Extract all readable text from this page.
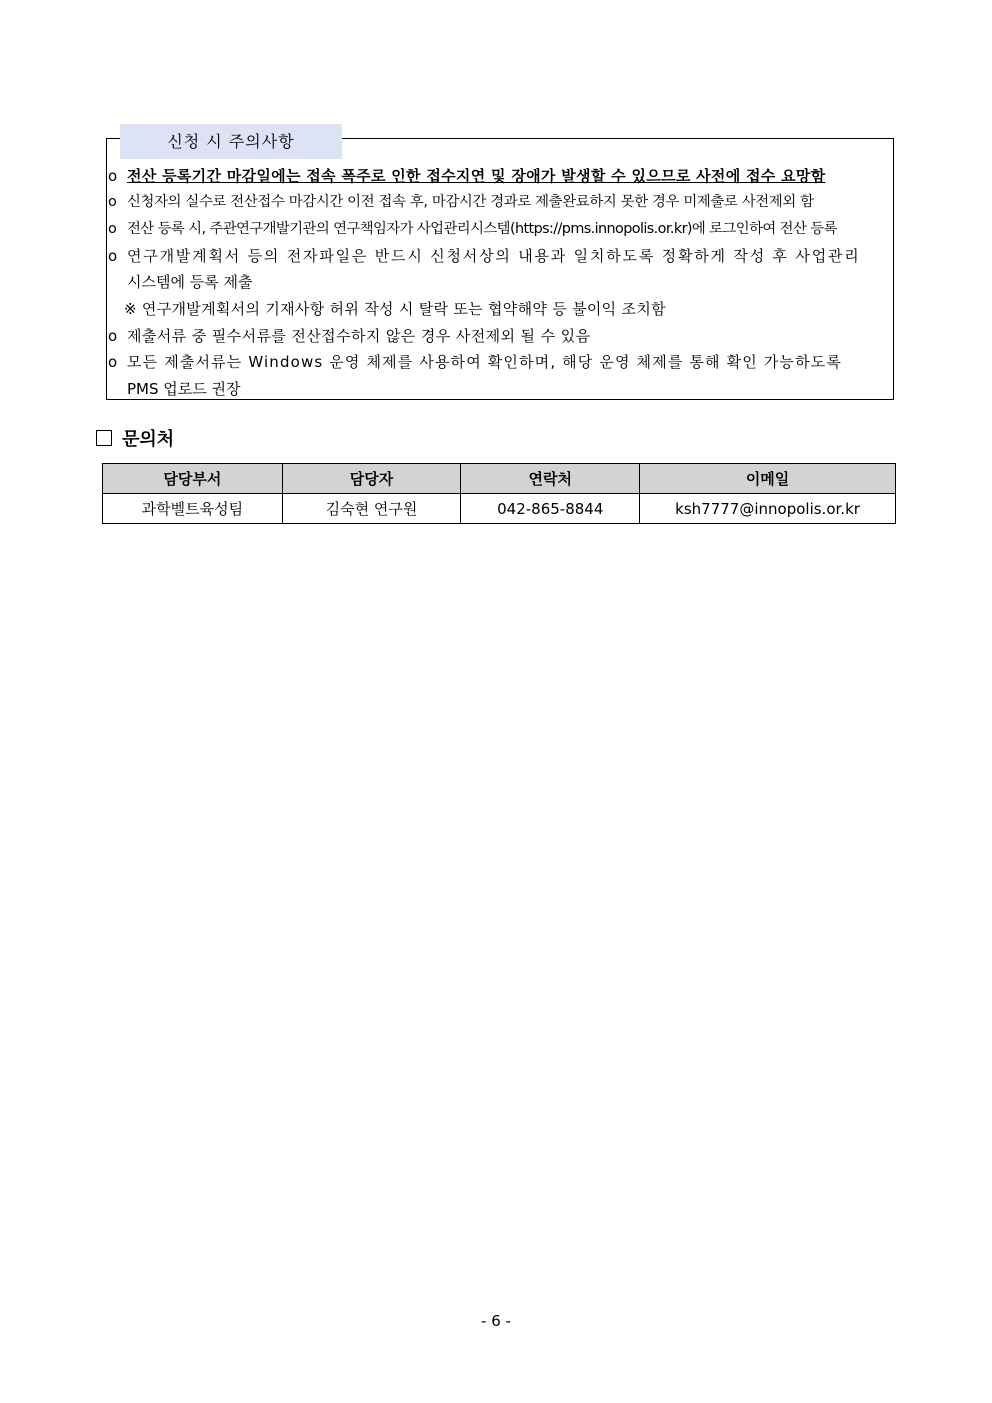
신청 시 주의사항
o 전산 등록기간 마감일에는 접속 폭주로 인한 접수지연 및 장애가 발생할 수 있으므로 사전에 접수 요망함
o 신청자의 실수로 전산접수 마감시간 이전 접속 후, 마감시간 경과로 제출완료하지 못한 경우 미제출로 사전제외 함
o 전산 등록 시, 주관연구개발기관의 연구책임자가 사업관리시스템(https://pms.innopolis.or.kr)에 로그인하여 전산 등록
o 연구개발계획서 등의 전자파일은 반드시 신청서상의 내용과 일치하도록 정확하게 작성 후 사업관리
시스템에 등록 제출
※ 연구개발계획서의 기재사항 허위 작성 시 탈락 또는 협약해약 등 불이익 조치함
o 제출서류 중 필수서류를 전산접수하지 않은 경우 사전제외 될 수 있음
o 모든 제출서류는 Windows 운영 체제를 사용하여 확인하며, 해당 운영 체제를 통해 확인 가능하도록
PMS 업로드 권장
문의처
담당부서	담당자	연락처	이메일
과학벨트육성팀	김숙현 연구원	042-865-8844	ksh7777@innopolis.or.kr
- 6 -
